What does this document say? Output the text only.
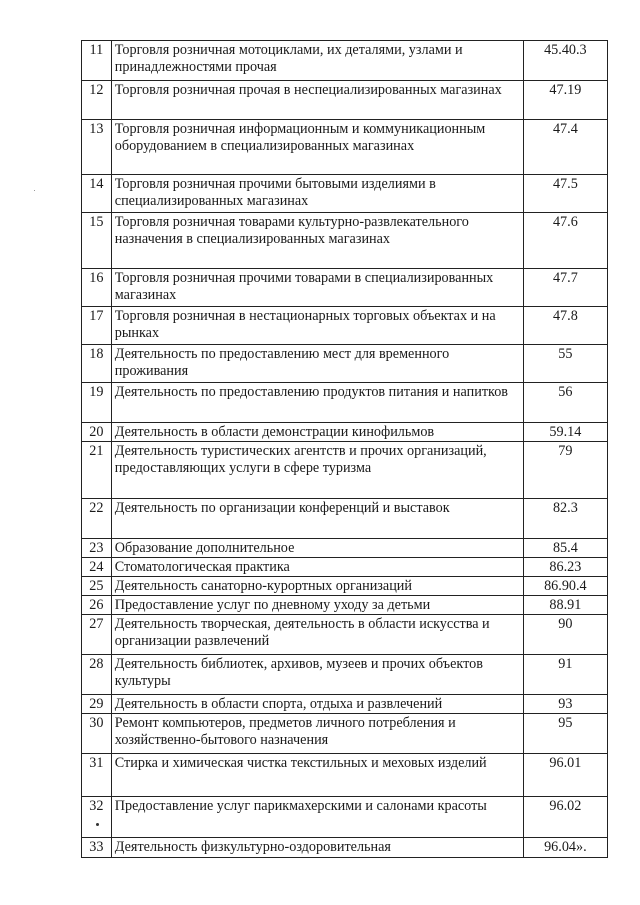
11	Торговля розничная мотоциклами, их деталями, узлами и принадлежностями прочая	45.40.3
12	Торговля розничная прочая в неспециализированных магазинах	47.19
13	Торговля розничная информационным и коммуникационным оборудованием в специализированных магазинах	47.4
14	Торговля розничная прочими бытовыми изделиями в специализированных магазинах	47.5
15	Торговля розничная товарами культурно-развлекательного назначения в специализированных магазинах	47.6
16	Торговля розничная прочими товарами в специализированных магазинах	47.7
17	Торговля розничная в нестационарных торговых объектах и на рынках	47.8
18	Деятельность по предоставлению мест для временного проживания	55
19	Деятельность по предоставлению продуктов питания и напитков	56
20	Деятельность в области демонстрации кинофильмов	59.14
21	Деятельность туристических агентств и прочих организаций, предоставляющих услуги в сфере туризма	79
22	Деятельность по организации конференций и выставок	82.3
23	Образование дополнительное	85.4
24	Стоматологическая практика	86.23
25	Деятельность санаторно-курортных организаций	86.90.4
26	Предоставление услуг по дневному уходу за детьми	88.91
27	Деятельность творческая, деятельность в области искусства и организации развлечений	90
28	Деятельность библиотек, архивов, музеев и прочих объектов культуры	91
29	Деятельность в области спорта, отдыха и развлечений	93
30	Ремонт компьютеров, предметов личного потребления и хозяйственно-бытового назначения	95
31	Стирка и химическая чистка текстильных и меховых изделий	96.01
32	Предоставление услуг парикмахерскими и салонами красоты	96.02
33	Деятельность физкультурно-оздоровительная	96.04».
